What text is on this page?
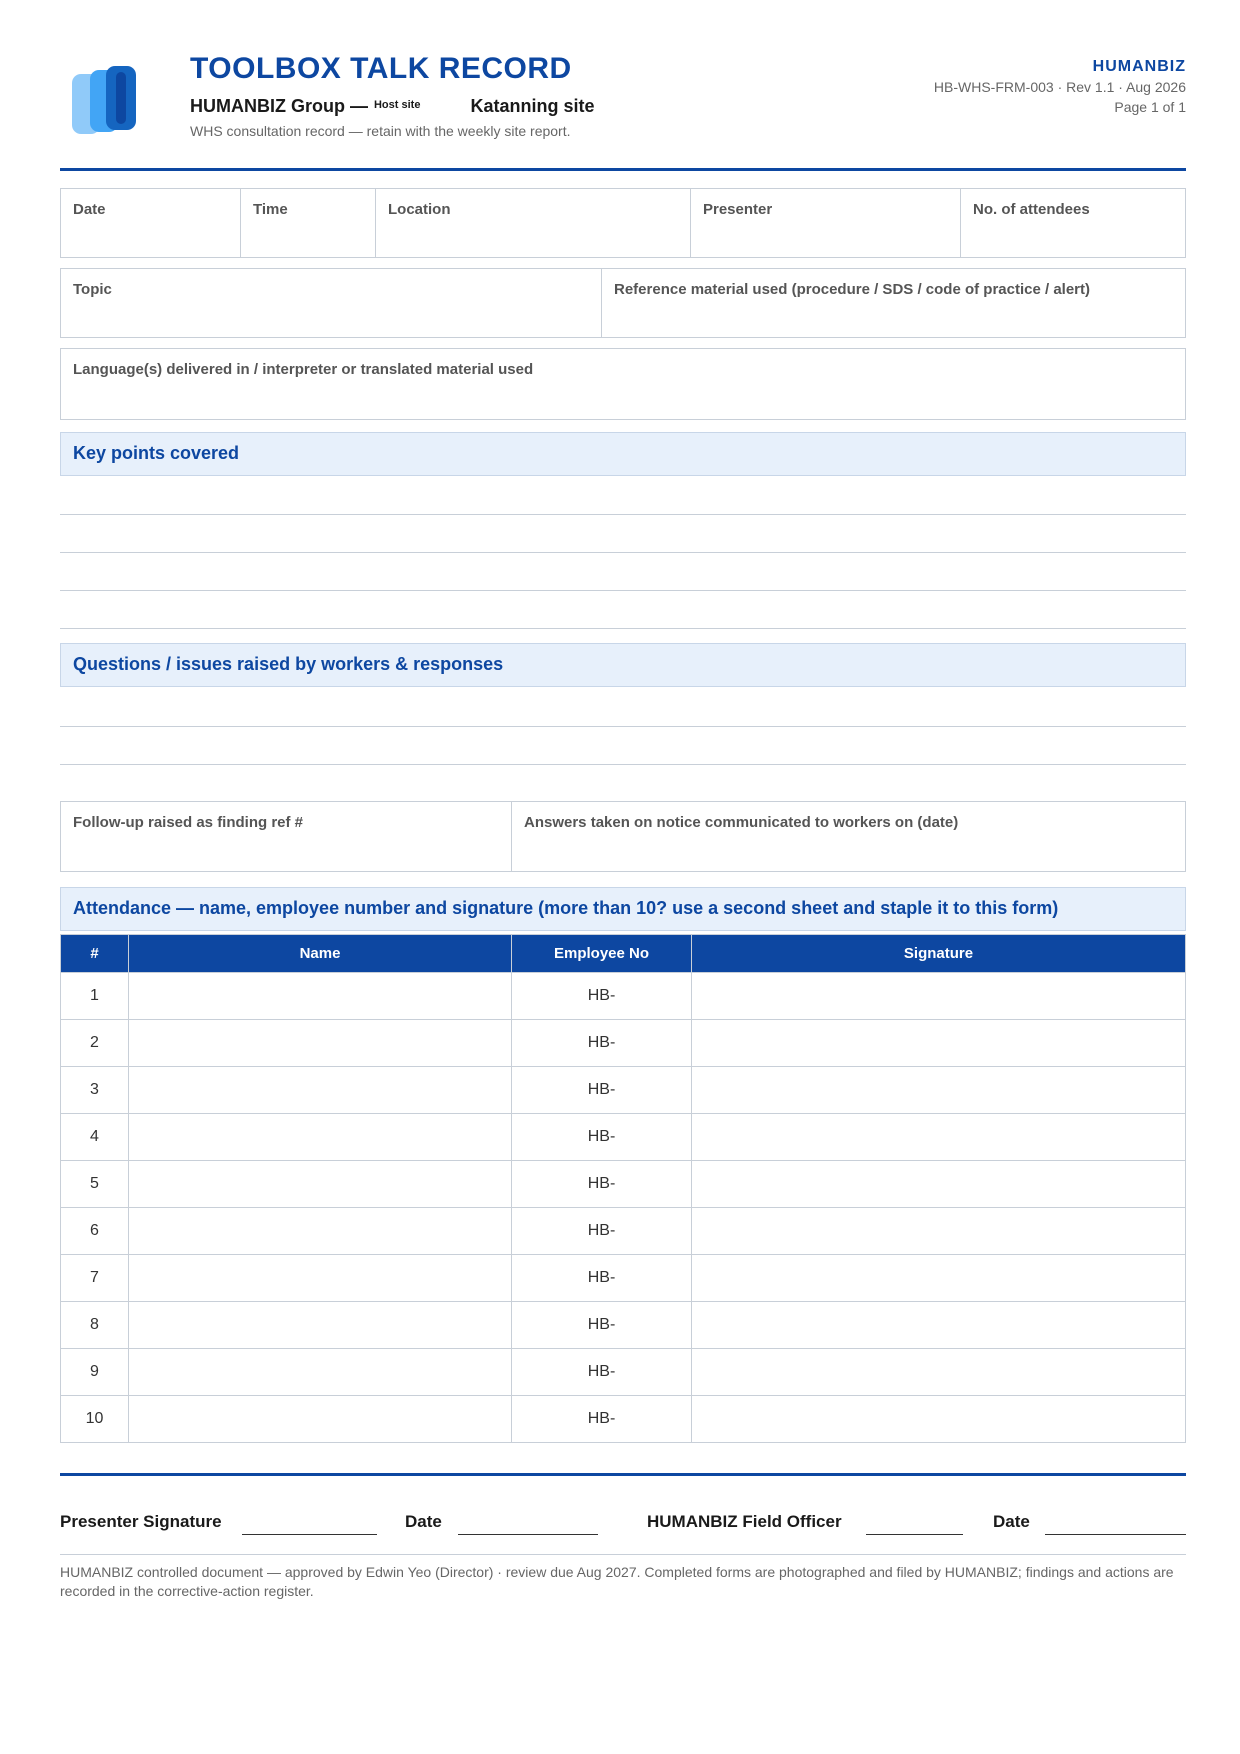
TOOLBOX TALK RECORD
HUMANBIZ Group — $^{Host site}$	Katanning site
WHS consultation record — retain with the weekly site report.
HUMANBIZ
HB-WHS-FRM-003 · Rev 1.1 · Aug 2026
Page 1 of 1
Date	Time	Location	Presenter	No. of attendees
Topic	Reference material used (procedure / SDS / code of practice / alert)
Language(s) delivered in / interpreter or translated material used
Key points covered
Questions / issues raised by workers & responses
Follow-up raised as finding ref #	Answers taken on notice communicated to workers on (date)
Attendance — name, employee number and signature (more than 10? use a second sheet and staple it to this form)
#	Name	Employee No	Signature
1		HB-	
2		HB-	
3		HB-	
4		HB-	
5		HB-	
6		HB-	
7		HB-	
8		HB-	
9		HB-	
10		HB-	
Presenter Signature	Date	HUMANBIZ Field Officer	Date
HUMANBIZ controlled document — approved by Edwin Yeo (Director) · review due Aug 2027. Completed forms are photographed and filed by HUMANBIZ; findings and actions are recorded in the corrective-action register.
